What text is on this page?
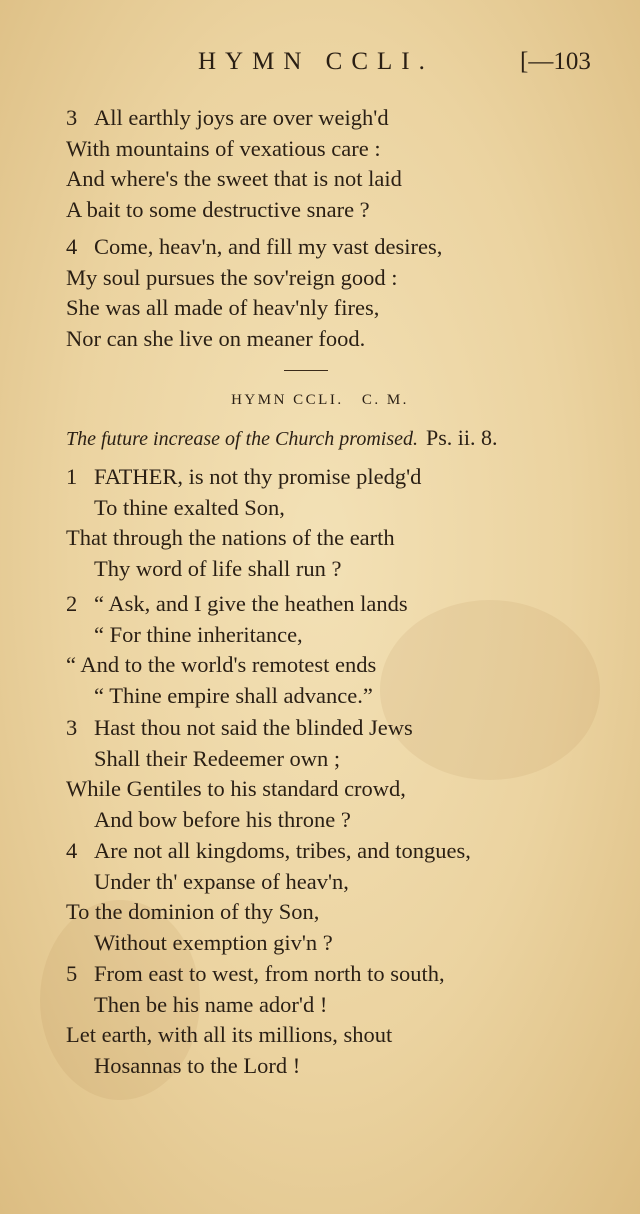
HYMN CCLI.	[—103
3 All earthly joys are over weigh'd
With mountains of vexatious care :
And where's the sweet that is not laid
A bait to some destructive snare ?
4 Come, heav'n, and fill my vast desires,
My soul pursues the sov'reign good :
She was all made of heav'nly fires,
Nor can she live on meaner food.
HYMN CCLI. C. M.
The future increase of the Church promised. Ps. ii. 8.
1 FATHER, is not thy promise pledg'd
To thine exalted Son,
That through the nations of the earth
Thy word of life shall run ?
2 “ Ask, and I give the heathen lands
“ For thine inheritance,
“ And to the world's remotest ends
“ Thine empire shall advance.”
3 Hast thou not said the blinded Jews
Shall their Redeemer own ;
While Gentiles to his standard crowd,
And bow before his throne ?
4 Are not all kingdoms, tribes, and tongues,
Under th' expanse of heav'n,
To the dominion of thy Son,
Without exemption giv'n ?
5 From east to west, from north to south,
Then be his name ador'd !
Let earth, with all its millions, shout
Hosannas to the Lord !
